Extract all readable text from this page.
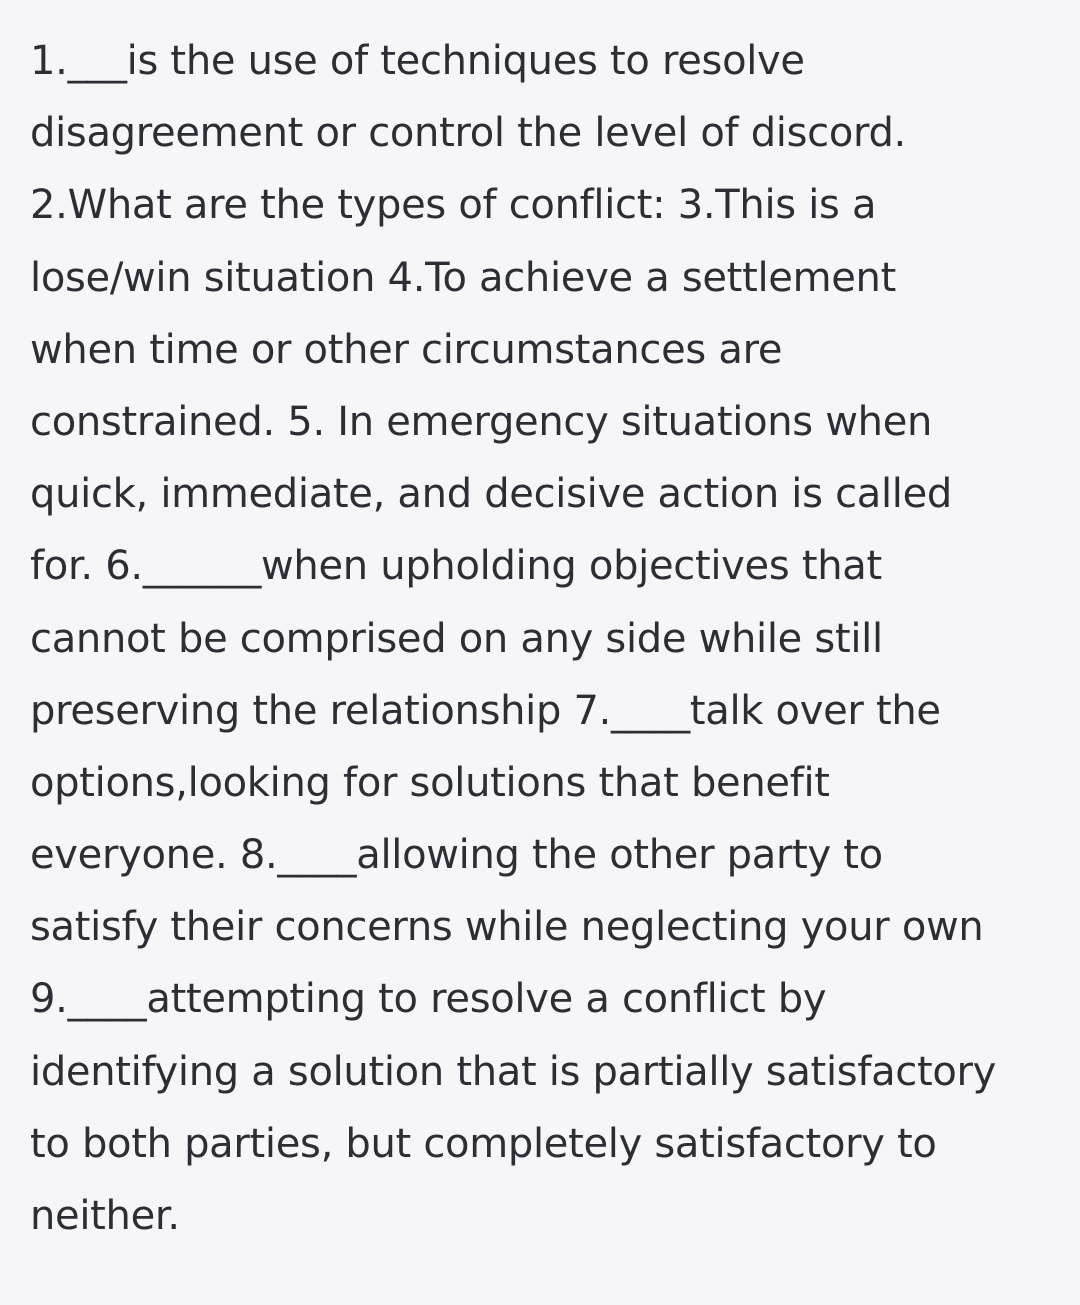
1.___is the use of techniques to resolve
disagreement or control the level of discord.
2.What are the types of conflict: 3.This is a
lose/win situation 4.To achieve a settlement
when time or other circumstances are
constrained. 5. In emergency situations when
quick, immediate, and decisive action is called
for. 6.______when upholding objectives that
cannot be comprised on any side while still
preserving the relationship 7.____talk over the
options,looking for solutions that benefit
everyone. 8.____allowing the other party to
satisfy their concerns while neglecting your own
9.____attempting to resolve a conflict by
identifying a solution that is partially satisfactory
to both parties, but completely satisfactory to
neither.
